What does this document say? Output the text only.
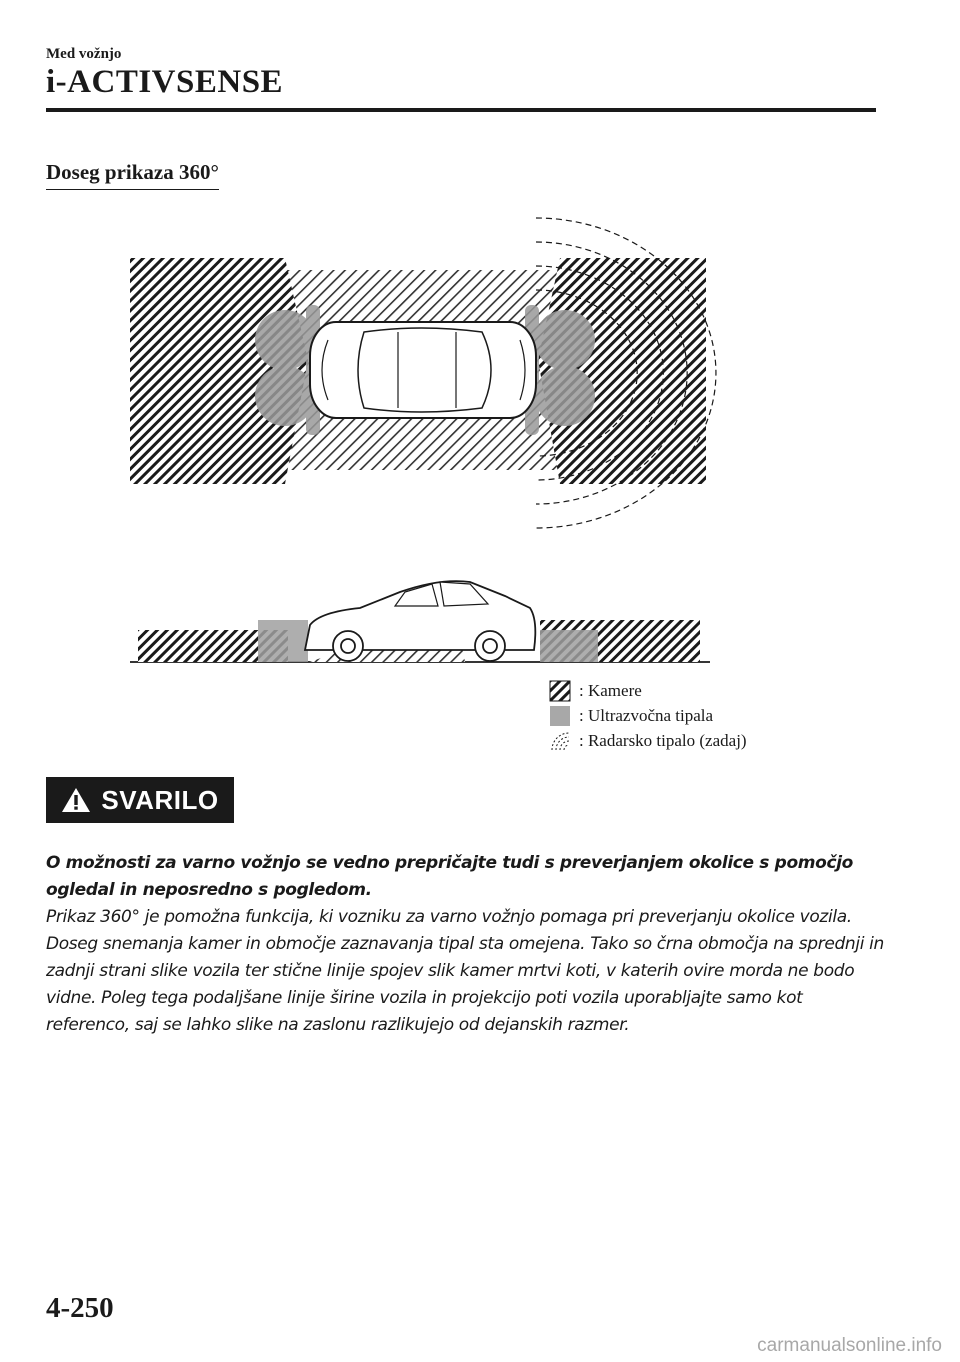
Med vožnjo
i-ACTIVSENSE
Doseg prikaza 360°
: Kamere
: Ultrazvočna tipala
: Radarsko tipalo (zadaj)
SVARILO

O možnosti za varno vožnjo se vedno prepričajte tudi s preverjanjem okolice s pomočjo ogledal in neposredno s pogledom.

Prikaz 360° je pomožna funkcija, ki vozniku za varno vožnjo pomaga pri preverjanju okolice vozila.

Doseg snemanja kamer in območje zaznavanja tipal sta omejena. Tako so črna območja na sprednji in zadnji strani slike vozila ter stične linije spojev slik kamer mrtvi koti, v katerih ovire morda ne bodo vidne. Poleg tega podaljšane linije širine vozila in projekcijo poti vozila uporabljajte samo kot referenco, saj se lahko slike na zaslonu razlikujejo od dejanskih razmer.

4-250
carmanualsonline.info
